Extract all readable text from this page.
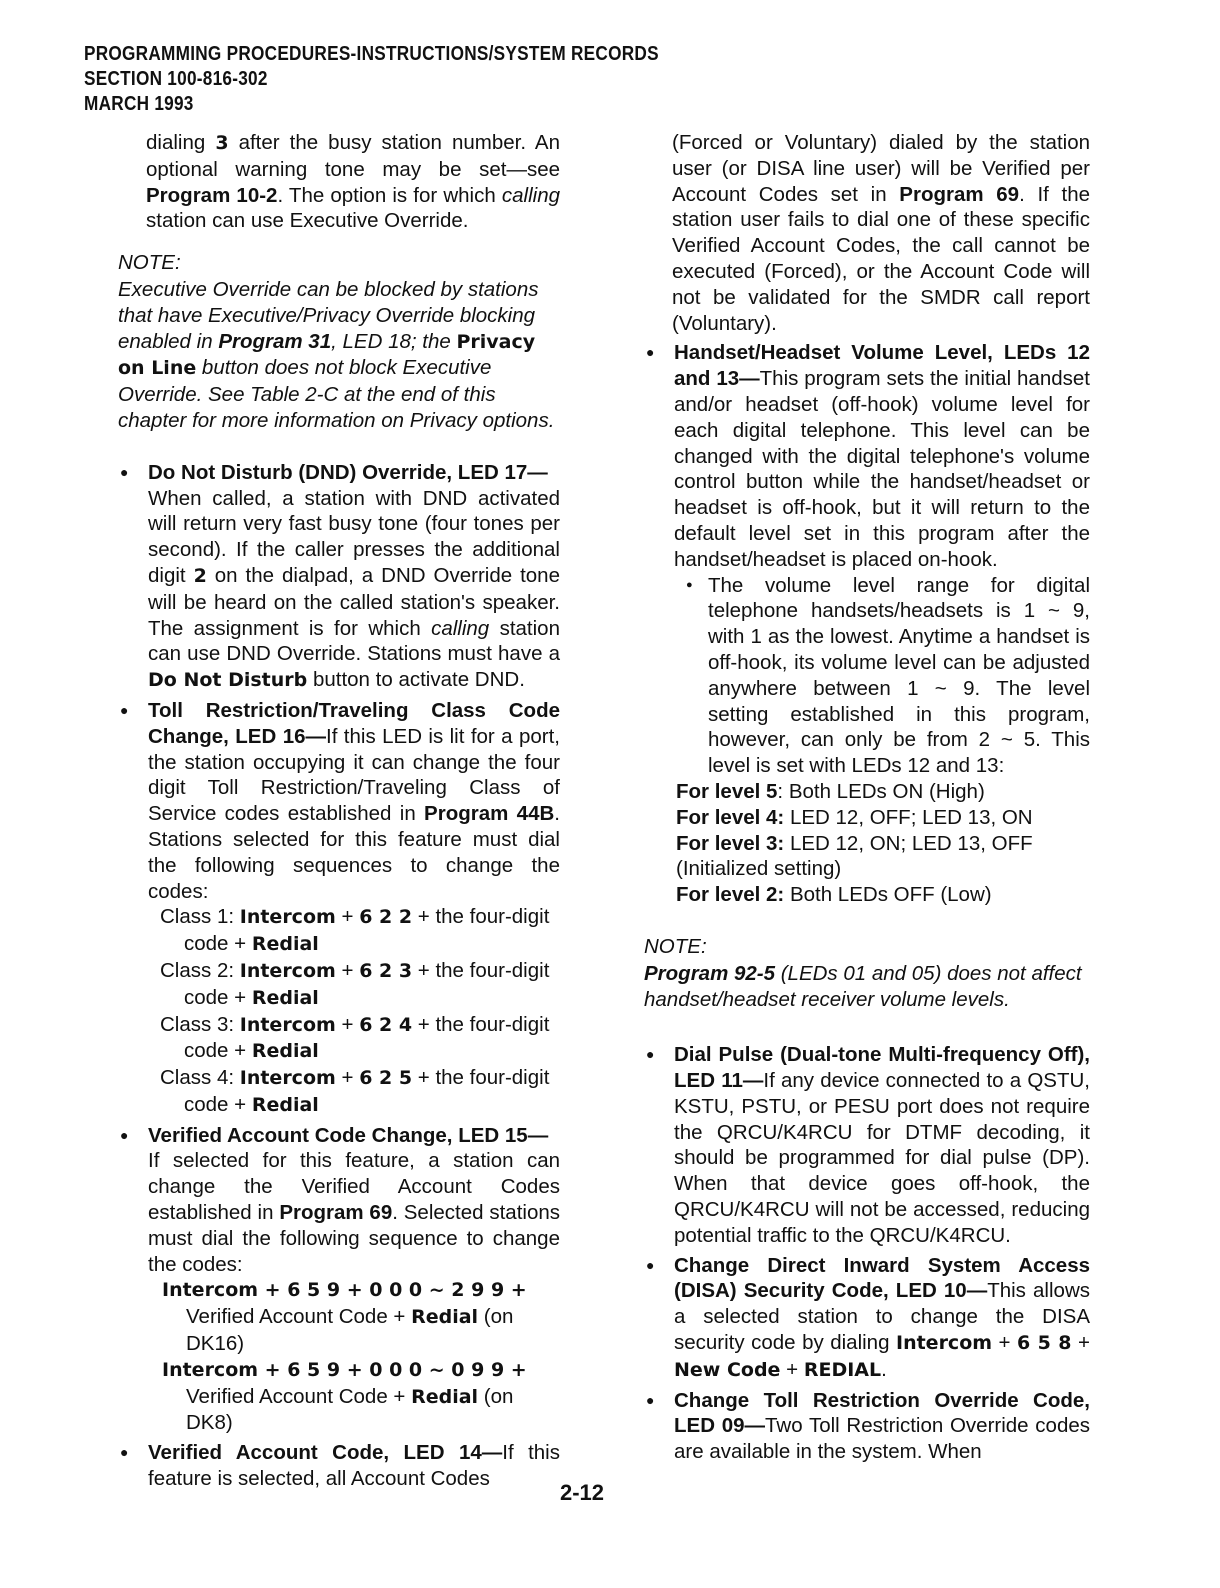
PROGRAMMING PROCEDURES-INSTRUCTIONS/SYSTEM RECORDS
SECTION 100-816-302
MARCH 1993

dialing 3 after the busy station number. An optional warning tone may be set—see Program 10-2. The option is for which calling station can use Executive Override.

NOTE:
Executive Override can be blocked by stations that have Executive/Privacy Override blocking enabled in Program 31, LED 18; the Privacy on Line button does not block Executive Override. See Table 2-C at the end of this chapter for more information on Privacy options.
● Do Not Disturb (DND) Override, LED 17—
When called, a station with DND activated will return very fast busy tone (four tones per second). If the caller presses the additional digit 2 on the dialpad, a DND Override tone will be heard on the called station's speaker. The assignment is for which calling station can use DND Override. Stations must have a Do Not Disturb button to activate DND.
● Toll Restriction/Traveling Class Code Change, LED 16—If this LED is lit for a port, the station occupying it can change the four digit Toll Restriction/Traveling Class of Service codes established in Program 44B. Stations selected for this feature must dial the following sequences to change the codes:
Class 1: Intercom + 6 2 2 + the four-digit
code + Redial
Class 2: Intercom + 6 2 3 + the four-digit
code + Redial
Class 3: Intercom + 6 2 4 + the four-digit
code + Redial
Class 4: Intercom + 6 2 5 + the four-digit
code + Redial
● Verified Account Code Change, LED 15—
If selected for this feature, a station can change the Verified Account Codes established in Program 69. Selected stations must dial the following sequence to change the codes:
Intercom + 6 5 9 + 0 0 0 ~ 2 9 9 +
Verified Account Code + Redial (on
DK16)
Intercom + 6 5 9 + 0 0 0 ~ 0 9 9 +
Verified Account Code + Redial (on
DK8)
● Verified Account Code, LED 14—If this feature is selected, all Account Codes

(Forced or Voluntary) dialed by the station user (or DISA line user) will be Verified per Account Codes set in Program 69. If the station user fails to dial one of these specific Verified Account Codes, the call cannot be executed (Forced), or the Account Code will not be validated for the SMDR call report (Voluntary).

● Handset/Headset Volume Level, LEDs 12 and 13—This program sets the initial handset and/or headset (off-hook) volume level for each digital telephone. This level can be changed with the digital telephone's volume control button while the handset/headset or headset is off-hook, but it will return to the default level set in this program after the handset/headset is placed on-hook.
● The volume level range for digital telephone handsets/headsets is 1 ~ 9, with 1 as the lowest. Anytime a handset is off-hook, its volume level can be adjusted anywhere between 1 ~ 9. The level setting established in this program, however, can only be from 2 ~ 5. This level is set with LEDs 12 and 13:
For level 5: Both LEDs ON (High)
For level 4: LED 12, OFF; LED 13, ON
For level 3: LED 12, ON; LED 13, OFF (Initialized setting)
For level 2: Both LEDs OFF (Low)
NOTE:
Program 92-5 (LEDs 01 and 05) does not affect handset/headset receiver volume levels.
● Dial Pulse (Dual-tone Multi-frequency Off), LED 11—If any device connected to a QSTU, KSTU, PSTU, or PESU port does not require the QRCU/K4RCU for DTMF decoding, it should be programmed for dial pulse (DP). When that device goes off-hook, the QRCU/K4RCU will not be accessed, reducing potential traffic to the QRCU/K4RCU.
● Change Direct Inward System Access (DISA) Security Code, LED 10—This allows a selected station to change the DISA security code by dialing Intercom + 6 5 8 + New Code + REDIAL.
● Change Toll Restriction Override Code, LED 09—Two Toll Restriction Override codes are available in the system. When
2-12
